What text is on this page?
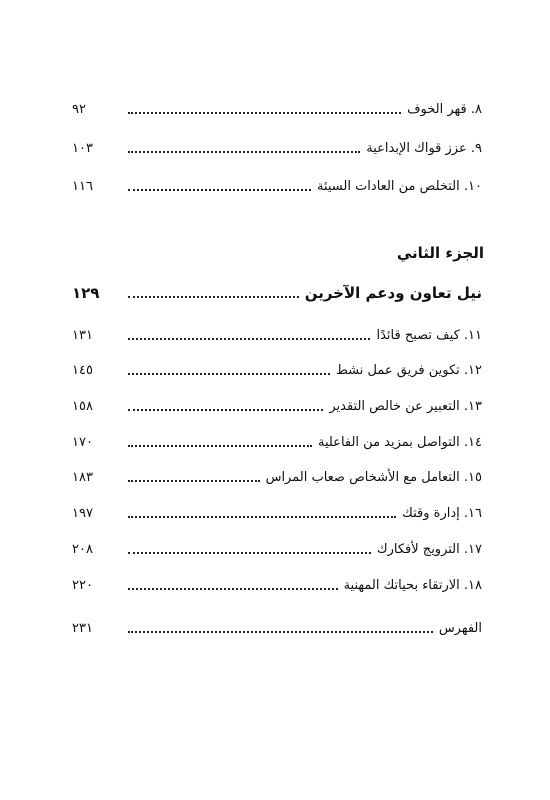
٨. قهر الخوف
٩٢
٩. عزز قواك الإبداعية
١٠٣
١٠. التخلص من العادات السيئة
١١٦
الجزء الثاني
نيل تعاون ودعم الآخرين
١٢٩
١١. كيف تصبح قائدًا
١٣١
١٢. تكوين فريق عمل نشط
١٤٥
١٣. التعبير عن خالص التقدير
١٥٨
١٤. التواصل بمزيد من الفاعلية
١٧٠
١٥. التعامل مع الأشخاص صعاب المراس
١٨٣
١٦. إدارة وقتك
١٩٧
١٧. الترويج لأفكارك
٢٠٨
١٨. الارتقاء بحياتك المهنية
٢٢٠
الفهرس
٢٣١
